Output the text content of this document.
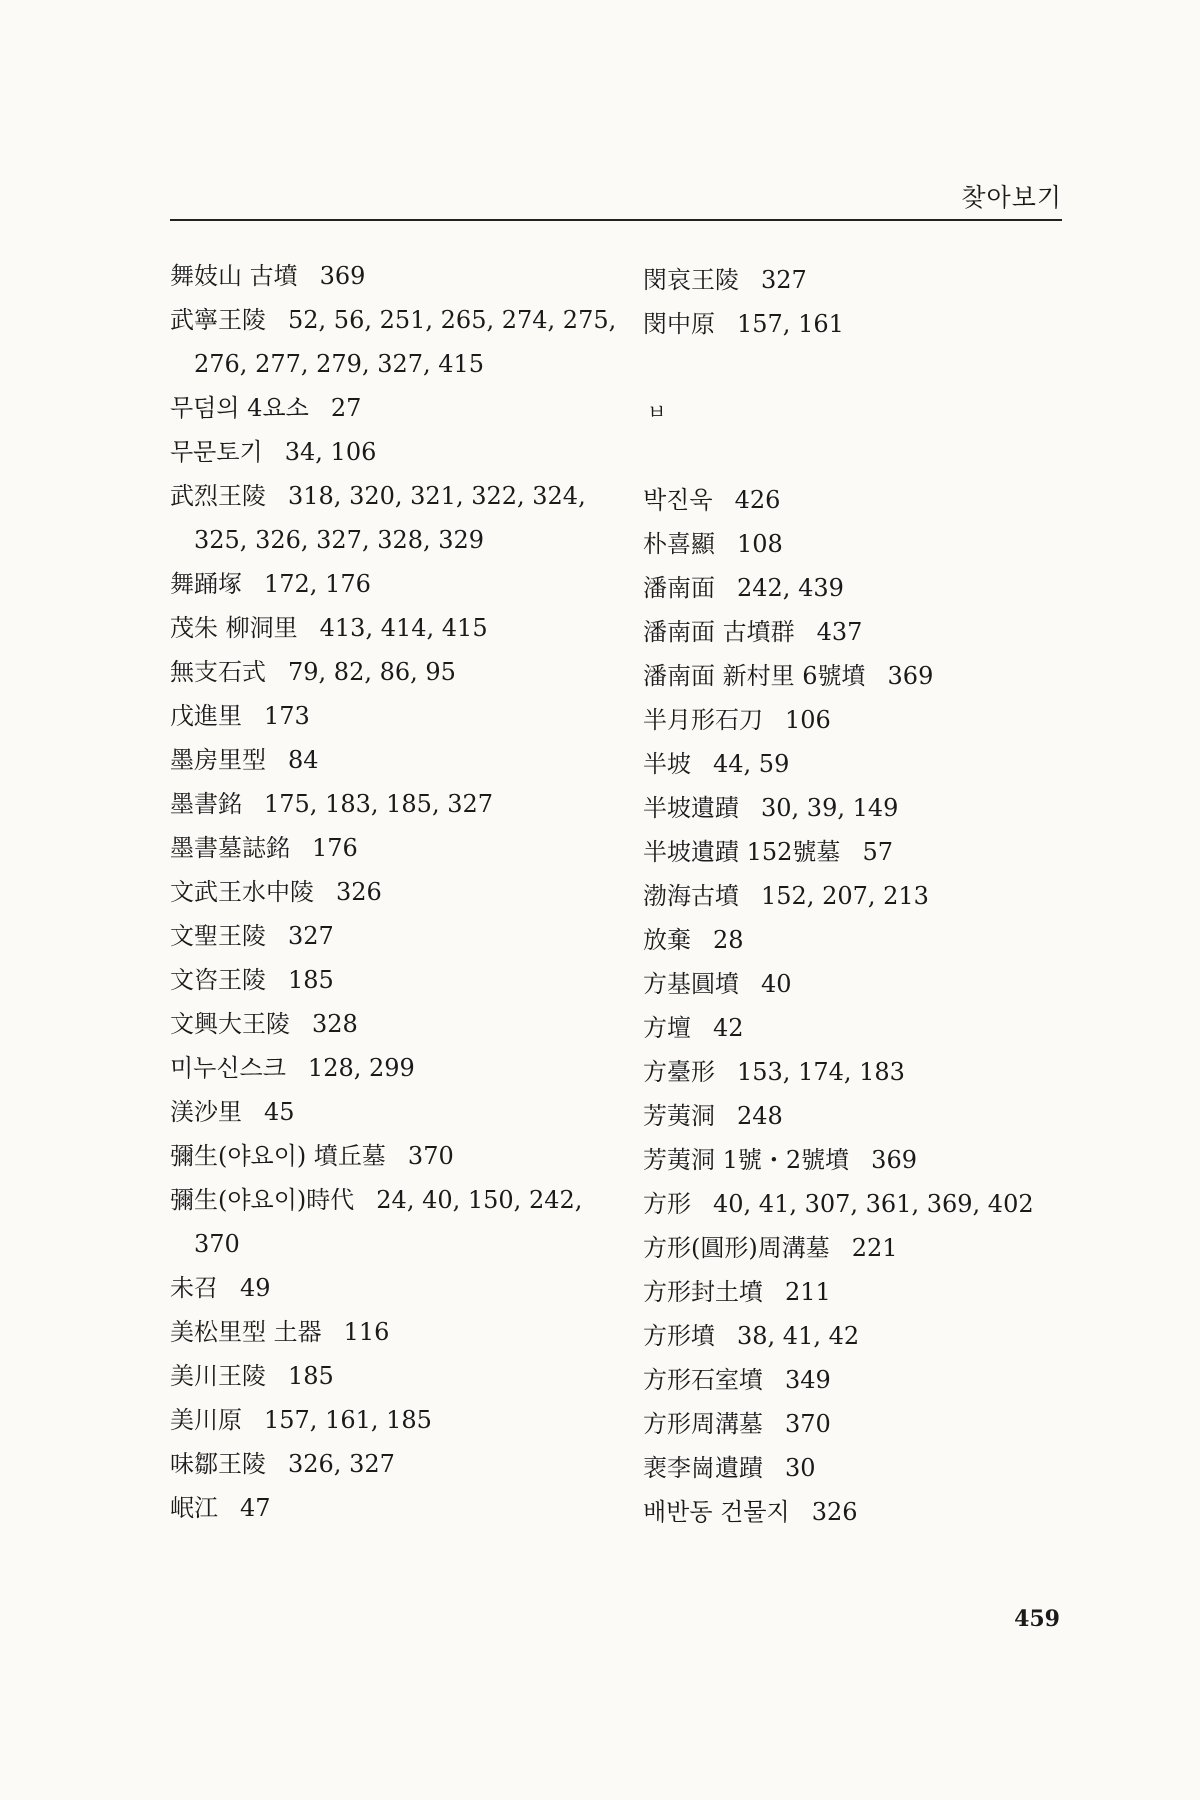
찾아보기
舞妓山 古墳 369
武寧王陵 52, 56, 251, 265, 274, 275,
276, 277, 279, 327, 415
무덤의 4요소 27
무문토기 34, 106
武烈王陵 318, 320, 321, 322, 324,
325, 326, 327, 328, 329
舞踊塚 172, 176
茂朱 柳洞里 413, 414, 415
無支石式 79, 82, 86, 95
戊進里 173
墨房里型 84
墨書銘 175, 183, 185, 327
墨書墓誌銘 176
文武王水中陵 326
文聖王陵 327
文咨王陵 185
文興大王陵 328
미누신스크 128, 299
渼沙里 45
彌生(야요이) 墳丘墓 370
彌生(야요이)時代 24, 40, 150, 242,
370
未召 49
美松里型 土器 116
美川王陵 185
美川原 157, 161, 185
味鄒王陵 326, 327
岷江 47
閔哀王陵 327
閔中原 157, 161
ㅂ
박진욱 426
朴喜顯 108
潘南面 242, 439
潘南面 古墳群 437
潘南面 新村里 6號墳 369
半月形石刀 106
半坡 44, 59
半坡遺蹟 30, 39, 149
半坡遺蹟 152號墓 57
渤海古墳 152, 207, 213
放棄 28
方基圓墳 40
方壇 42
方臺形 153, 174, 183
芳荑洞 248
芳荑洞 1號・2號墳 369
方形 40, 41, 307, 361, 369, 402
方形(圓形)周溝墓 221
方形封土墳 211
方形墳 38, 41, 42
方形石室墳 349
方形周溝墓 370
裵李崗遺蹟 30
배반동 건물지 326
459
